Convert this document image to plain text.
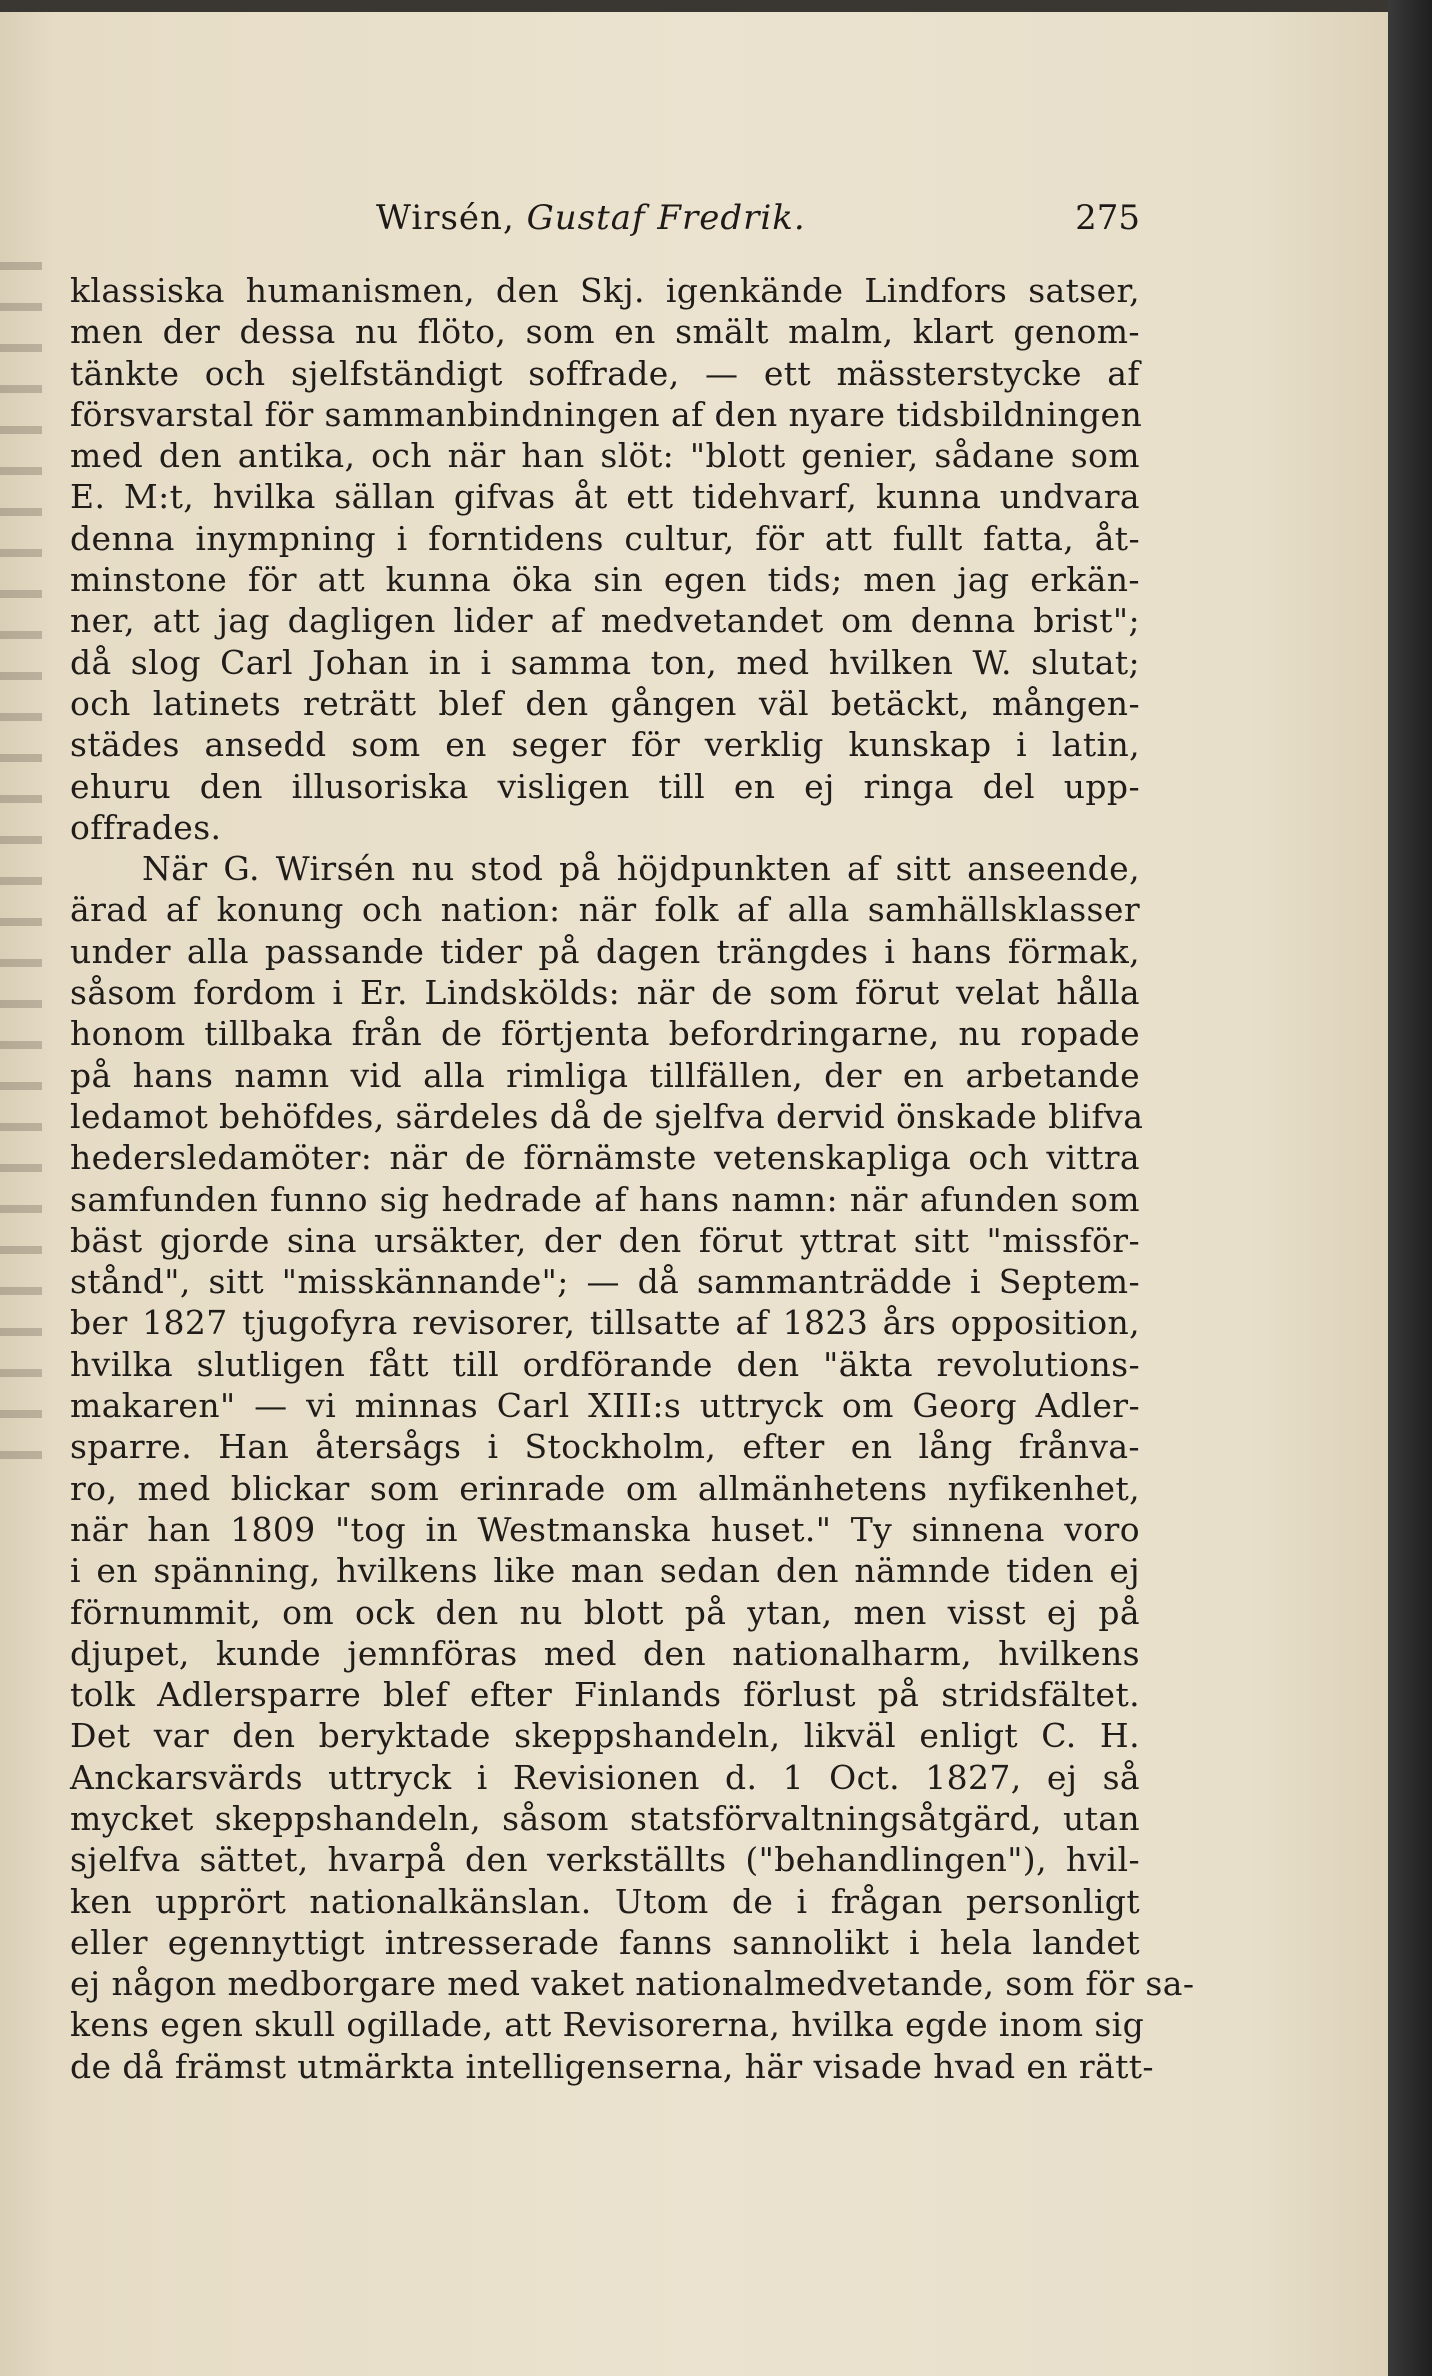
Wirsén, Gustaf Fredrik.	275
klassiska humanismen, den Skj. igenkände Lindfors satser,
men der dessa nu flöto, som en smält malm, klart genom-
tänkte och sjelfständigt soffrade, — ett mässterstycke af
försvarstal för sammanbindningen af den nyare tidsbildningen
med den antika, och när han slöt: "blott genier, sådane som
E. M:t, hvilka sällan gifvas åt ett tidehvarf, kunna undvara
denna inympning i forntidens cultur, för att fullt fatta, åt-
minstone för att kunna öka sin egen tids; men jag erkän-
ner, att jag dagligen lider af medvetandet om denna brist";
då slog Carl Johan in i samma ton, med hvilken W. slutat;
och latinets reträtt blef den gången väl betäckt, mången-
städes ansedd som en seger för verklig kunskap i latin,
ehuru den illusoriska visligen till en ej ringa del upp-
offrades.
När G. Wirsén nu stod på höjdpunkten af sitt anseende,
ärad af konung och nation: när folk af alla samhällsklasser
under alla passande tider på dagen trängdes i hans förmak,
såsom fordom i Er. Lindskölds: när de som förut velat hålla
honom tillbaka från de förtjenta befordringarne, nu ropade
på hans namn vid alla rimliga tillfällen, der en arbetande
ledamot behöfdes, särdeles då de sjelfva dervid önskade blifva
hedersledamöter: när de förnämste vetenskapliga och vittra
samfunden funno sig hedrade af hans namn: när afunden som
bäst gjorde sina ursäkter, der den förut yttrat sitt "missför-
stånd", sitt "misskännande"; — då sammanträdde i Septem-
ber 1827 tjugofyra revisorer, tillsatte af 1823 års opposition,
hvilka slutligen fått till ordförande den "äkta revolutions-
makaren" — vi minnas Carl XIII:s uttryck om Georg Adler-
sparre. Han återsågs i Stockholm, efter en lång frånva-
ro, med blickar som erinrade om allmänhetens nyfikenhet,
när han 1809 "tog in Westmanska huset." Ty sinnena voro
i en spänning, hvilkens like man sedan den nämnde tiden ej
förnummit, om ock den nu blott på ytan, men visst ej på
djupet, kunde jemnföras med den nationalharm, hvilkens
tolk Adlersparre blef efter Finlands förlust på stridsfältet.
Det var den beryktade skeppshandeln, likväl enligt C. H.
Anckarsvärds uttryck i Revisionen d. 1 Oct. 1827, ej så
mycket skeppshandeln, såsom statsförvaltningsåtgärd, utan
sjelfva sättet, hvarpå den verkställts ("behandlingen"), hvil-
ken upprört nationalkänslan. Utom de i frågan personligt
eller egennyttigt intresserade fanns sannolikt i hela landet
ej någon medborgare med vaket nationalmedvetande, som för sa-
kens egen skull ogillade, att Revisorerna, hvilka egde inom sig
de då främst utmärkta intelligenserna, här visade hvad en rätt-
